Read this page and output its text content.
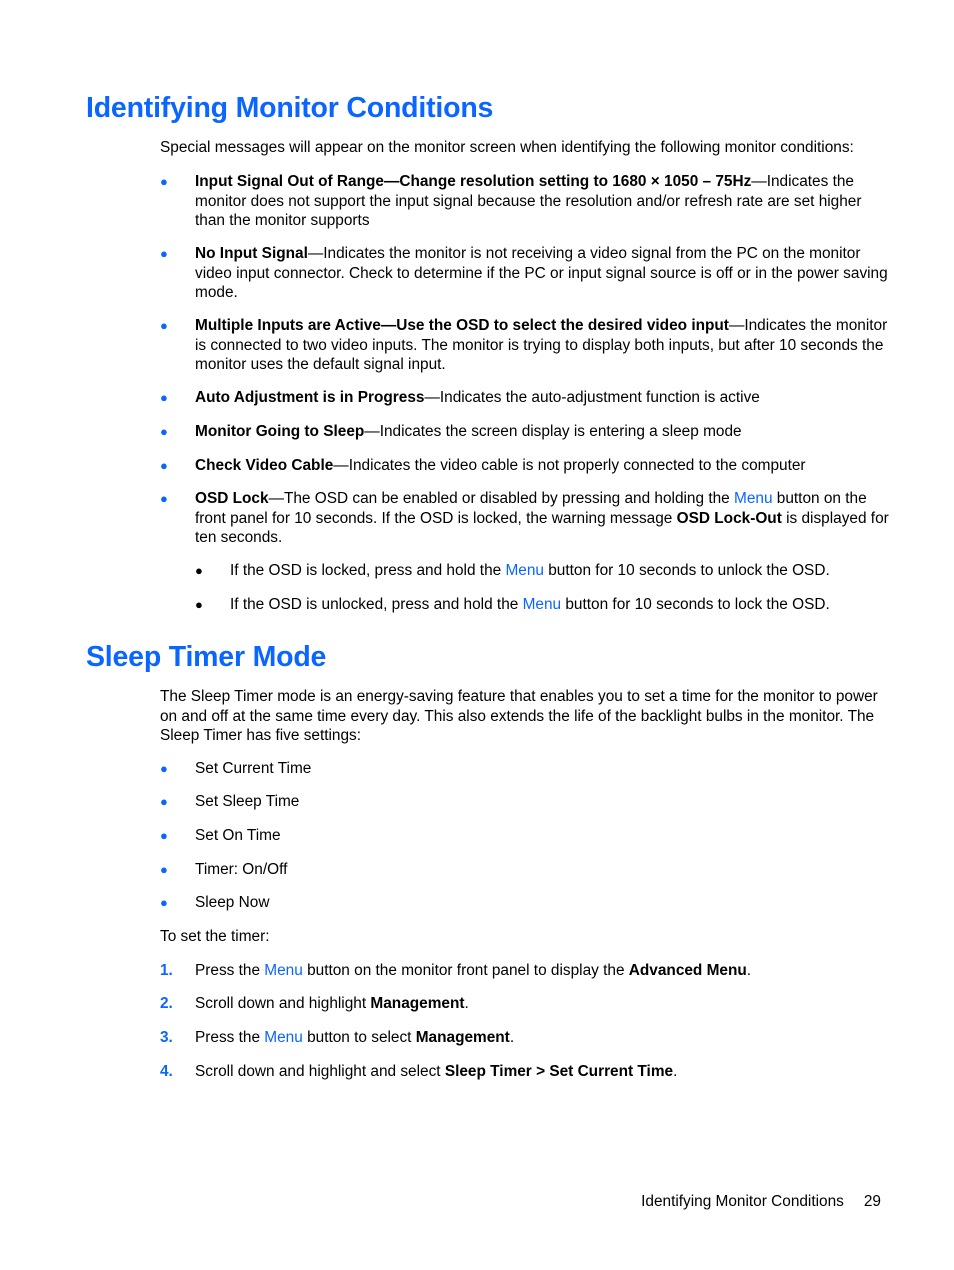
Identifying Monitor Conditions
Special messages will appear on the monitor screen when identifying the following monitor conditions:
● Input Signal Out of Range—Change resolution setting to 1680 × 1050 – 75Hz—Indicates the monitor does not support the input signal because the resolution and/or refresh rate are set higher than the monitor supports
● No Input Signal—Indicates the monitor is not receiving a video signal from the PC on the monitor video input connector. Check to determine if the PC or input signal source is off or in the power saving mode.
● Multiple Inputs are Active—Use the OSD to select the desired video input—Indicates the monitor is connected to two video inputs. The monitor is trying to display both inputs, but after 10 seconds the monitor uses the default signal input.
● Auto Adjustment is in Progress—Indicates the auto-adjustment function is active
● Monitor Going to Sleep—Indicates the screen display is entering a sleep mode
● Check Video Cable—Indicates the video cable is not properly connected to the computer
● OSD Lock—The OSD can be enabled or disabled by pressing and holding the Menu button on the front panel for 10 seconds. If the OSD is locked, the warning message OSD Lock-Out is displayed for ten seconds.
● If the OSD is locked, press and hold the Menu button for 10 seconds to unlock the OSD.
● If the OSD is unlocked, press and hold the Menu button for 10 seconds to lock the OSD.
Sleep Timer Mode
The Sleep Timer mode is an energy-saving feature that enables you to set a time for the monitor to power on and off at the same time every day. This also extends the life of the backlight bulbs in the monitor. The Sleep Timer has five settings:
● Set Current Time
● Set Sleep Time
● Set On Time
● Timer: On/Off
● Sleep Now
To set the timer:
1. Press the Menu button on the monitor front panel to display the Advanced Menu.
2. Scroll down and highlight Management.
3. Press the Menu button to select Management.
4. Scroll down and highlight and select Sleep Timer > Set Current Time.
Identifying Monitor Conditions 29
